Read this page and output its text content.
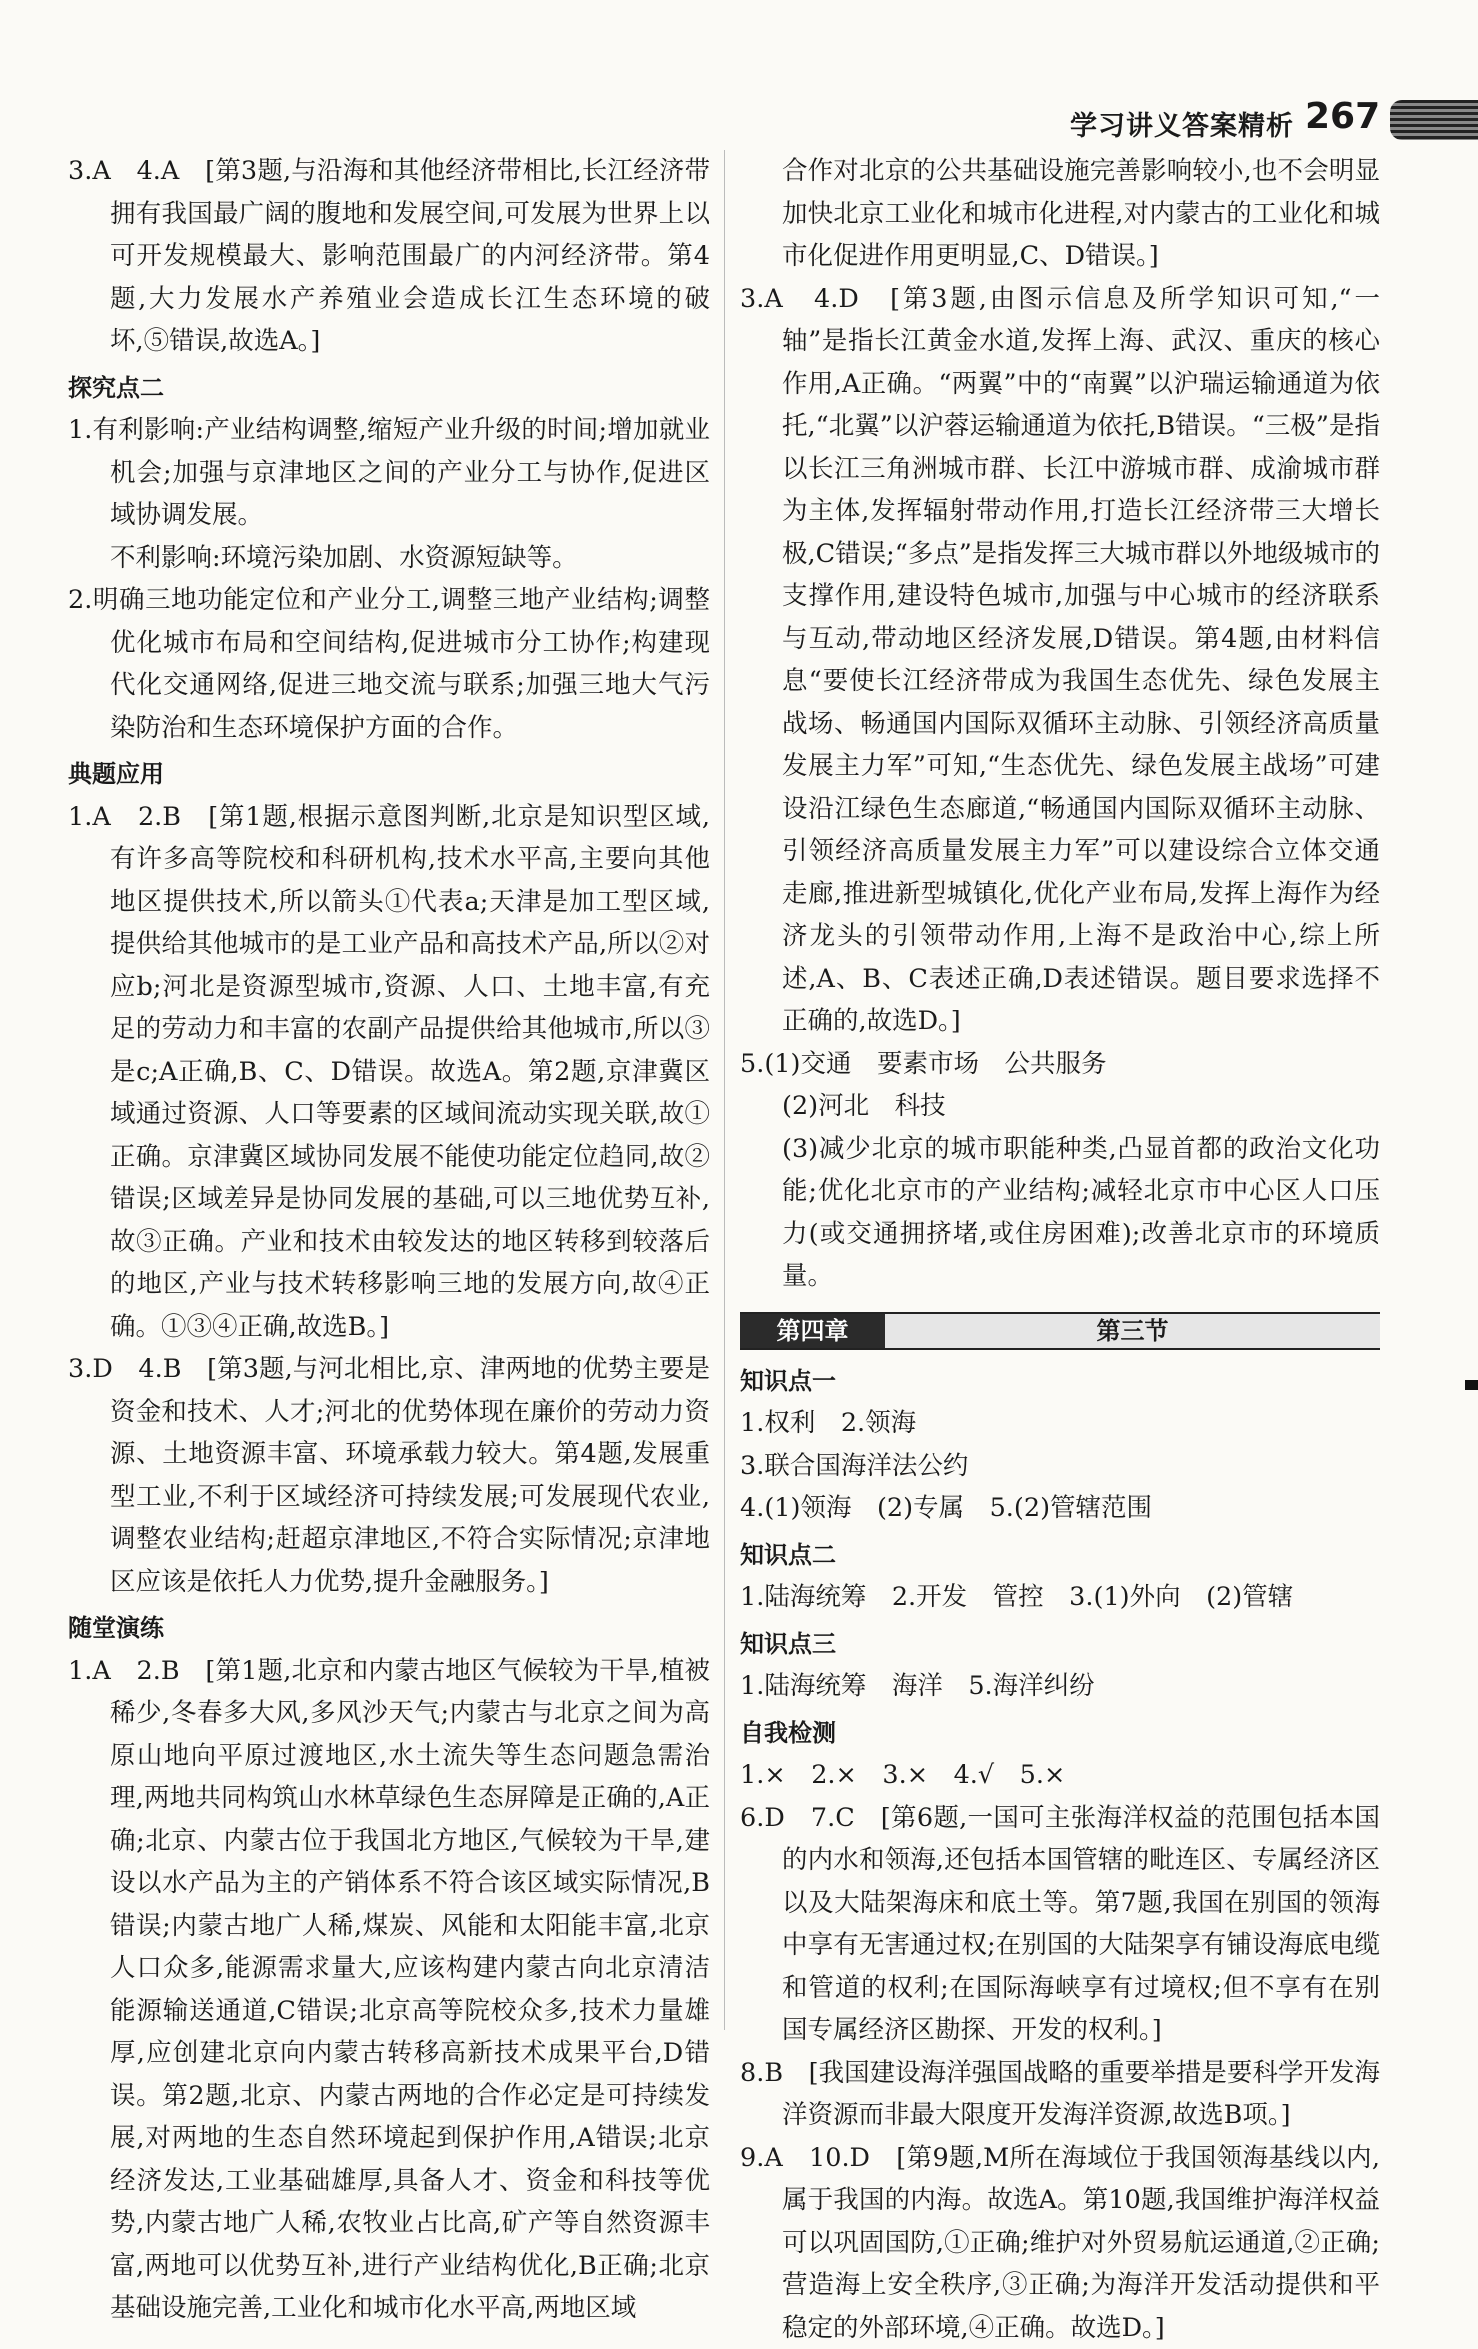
学习讲义答案精析 267

3.A　4.A　[第3题,与沿海和其他经济带相比,长江经济带拥有我国最广阔的腹地和发展空间,可发展为世界上以可开发规模最大、影响范围最广的内河经济带。第4题,大力发展水产养殖业会造成长江生态环境的破坏,⑤错误,故选A。]

探究点二

1.有利影响:产业结构调整,缩短产业升级的时间;增加就业机会;加强与京津地区之间的产业分工与协作,促进区域协调发展。

不利影响:环境污染加剧、水资源短缺等。

2.明确三地功能定位和产业分工,调整三地产业结构;调整优化城市布局和空间结构,促进城市分工协作;构建现代化交通网络,促进三地交流与联系;加强三地大气污染防治和生态环境保护方面的合作。

典题应用

1.A　2.B　[第1题,根据示意图判断,北京是知识型区域,有许多高等院校和科研机构,技术水平高,主要向其他地区提供技术,所以箭头①代表a;天津是加工型区域,提供给其他城市的是工业产品和高技术产品,所以②对应b;河北是资源型城市,资源、人口、土地丰富,有充足的劳动力和丰富的农副产品提供给其他城市,所以③是c;A正确,B、C、D错误。故选A。第2题,京津冀区域通过资源、人口等要素的区域间流动实现关联,故①正确。京津冀区域协同发展不能使功能定位趋同,故②错误;区域差异是协同发展的基础,可以三地优势互补,故③正确。产业和技术由较发达的地区转移到较落后的地区,产业与技术转移影响三地的发展方向,故④正确。①③④正确,故选B。]

3.D　4.B　[第3题,与河北相比,京、津两地的优势主要是资金和技术、人才;河北的优势体现在廉价的劳动力资源、土地资源丰富、环境承载力较大。第4题,发展重型工业,不利于区域经济可持续发展;可发展现代农业,调整农业结构;赶超京津地区,不符合实际情况;京津地区应该是依托人力优势,提升金融服务。]

随堂演练

1.A　2.B　[第1题,北京和内蒙古地区气候较为干旱,植被稀少,冬春多大风,多风沙天气;内蒙古与北京之间为高原山地向平原过渡地区,水土流失等生态问题急需治理,两地共同构筑山水林草绿色生态屏障是正确的,A正确;北京、内蒙古位于我国北方地区,气候较为干旱,建设以水产品为主的产销体系不符合该区域实际情况,B错误;内蒙古地广人稀,煤炭、风能和太阳能丰富,北京人口众多,能源需求量大,应该构建内蒙古向北京清洁能源输送通道,C错误;北京高等院校众多,技术力量雄厚,应创建北京向内蒙古转移高新技术成果平台,D错误。第2题,北京、内蒙古两地的合作必定是可持续发展,对两地的生态自然环境起到保护作用,A错误;北京经济发达,工业基础雄厚,具备人才、资金和科技等优势,内蒙古地广人稀,农牧业占比高,矿产等自然资源丰富,两地可以优势互补,进行产业结构优化,B正确;北京基础设施完善,工业化和城市化水平高,两地区域

合作对北京的公共基础设施完善影响较小,也不会明显加快北京工业化和城市化进程,对内蒙古的工业化和城市化促进作用更明显,C、D错误。]

3.A　4.D　[第3题,由图示信息及所学知识可知,“一轴”是指长江黄金水道,发挥上海、武汉、重庆的核心作用,A正确。“两翼”中的“南翼”以沪瑞运输通道为依托,“北翼”以沪蓉运输通道为依托,B错误。“三极”是指以长江三角洲城市群、长江中游城市群、成渝城市群为主体,发挥辐射带动作用,打造长江经济带三大增长极,C错误;“多点”是指发挥三大城市群以外地级城市的支撑作用,建设特色城市,加强与中心城市的经济联系与互动,带动地区经济发展,D错误。第4题,由材料信息“要使长江经济带成为我国生态优先、绿色发展主战场、畅通国内国际双循环主动脉、引领经济高质量发展主力军”可知,“生态优先、绿色发展主战场”可建设沿江绿色生态廊道,“畅通国内国际双循环主动脉、引领经济高质量发展主力军”可以建设综合立体交通走廊,推进新型城镇化,优化产业布局,发挥上海作为经济龙头的引领带动作用,上海不是政治中心,综上所述,A、B、C表述正确,D表述错误。题目要求选择不正确的,故选D。]

5.(1)交通　要素市场　公共服务

(2)河北　科技

(3)减少北京的城市职能种类,凸显首都的政治文化功能;优化北京市的产业结构;减轻北京市中心区人口压力(或交通拥挤堵,或住房困难);改善北京市的环境质量。

第四章	第三节

知识点一

1.权利　2.领海

3.联合国海洋法公约

4.(1)领海　(2)专属　5.(2)管辖范围

知识点二

1.陆海统筹　2.开发　管控　3.(1)外向　(2)管辖

知识点三

1.陆海统筹　海洋　5.海洋纠纷

自我检测

1.×　2.×　3.×　4.√　5.×

6.D　7.C　[第6题,一国可主张海洋权益的范围包括本国的内水和领海,还包括本国管辖的毗连区、专属经济区以及大陆架海床和底土等。第7题,我国在别国的领海中享有无害通过权;在别国的大陆架享有铺设海底电缆和管道的权利;在国际海峡享有过境权;但不享有在别国专属经济区勘探、开发的权利。]

8.B　[我国建设海洋强国战略的重要举措是要科学开发海洋资源而非最大限度开发海洋资源,故选B项。]

9.A　10.D　[第9题,M所在海域位于我国领海基线以内,属于我国的内海。故选A。第10题,我国维护海洋权益可以巩固国防,①正确;维护对外贸易航运通道,②正确;营造海上安全秩序,③正确;为海洋开发活动提供和平稳定的外部环境,④正确。故选D。]
